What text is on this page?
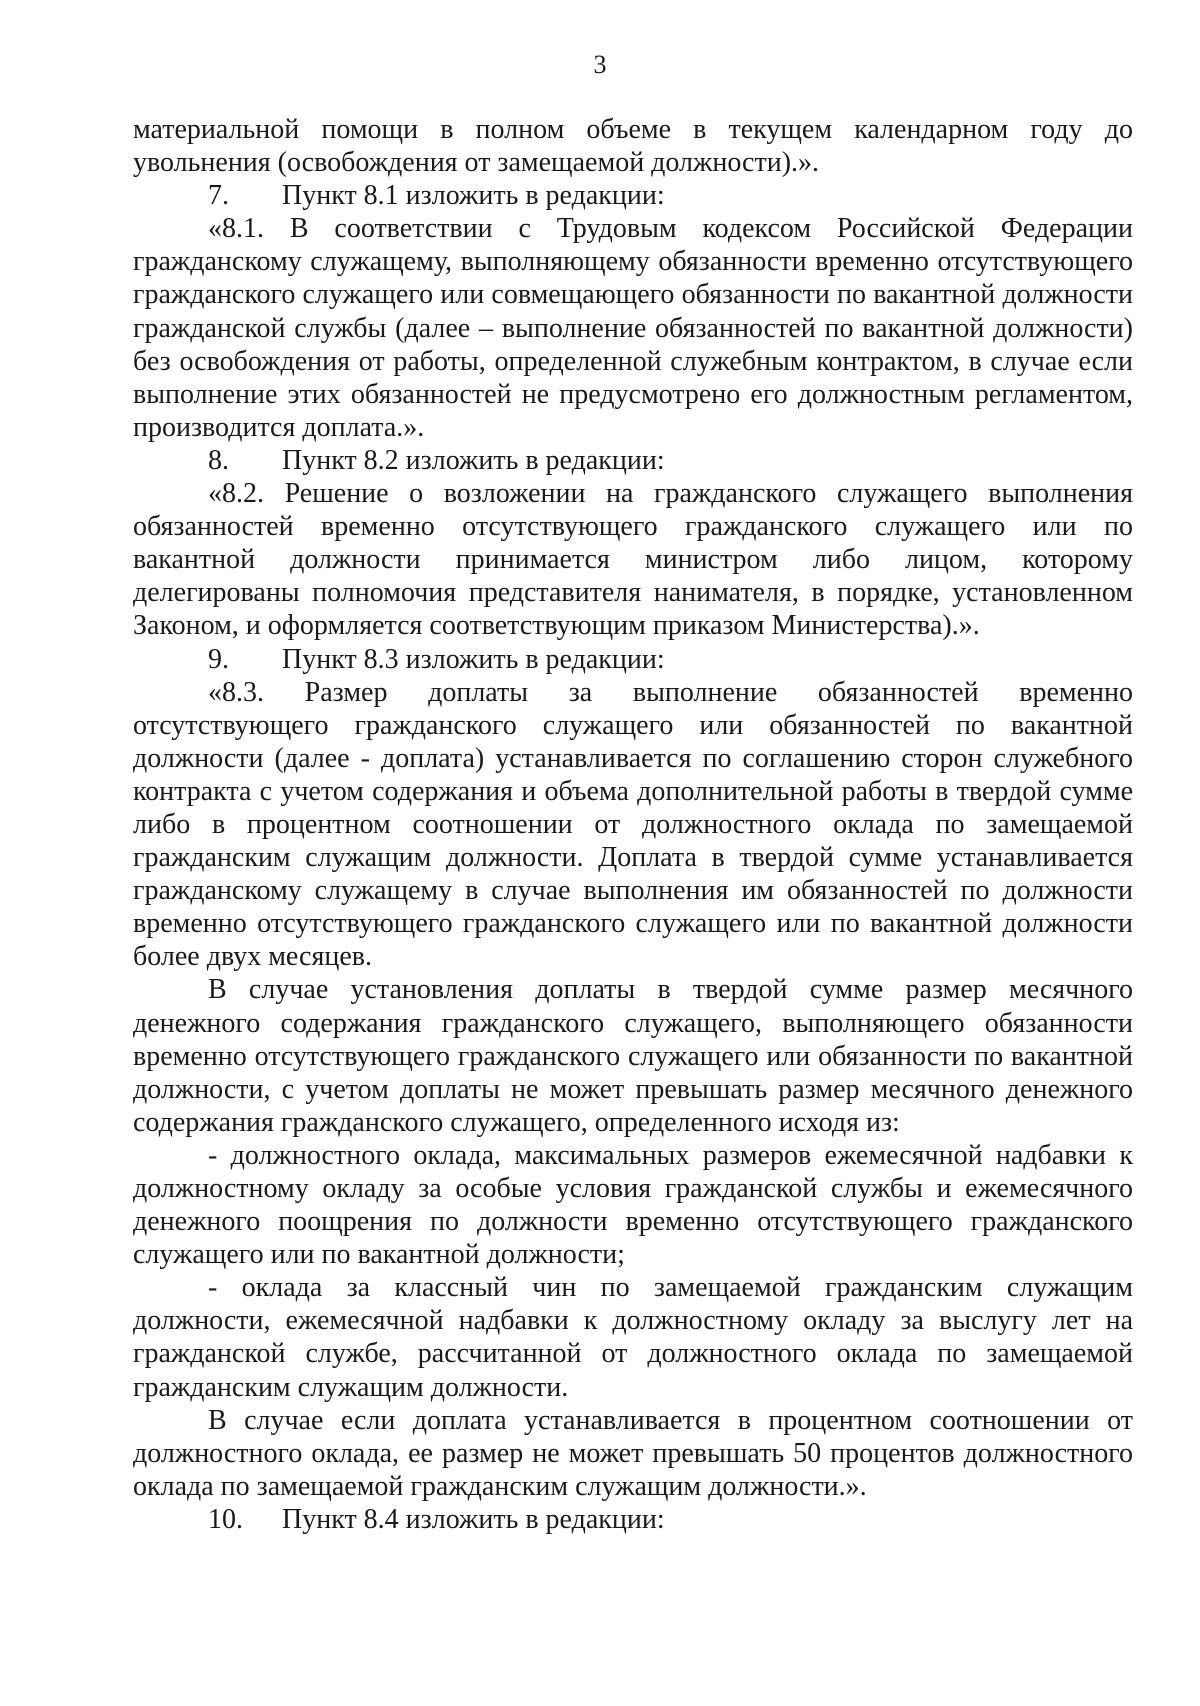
3

материальной помощи в полном объеме в текущем календарном году до увольнения (освобождения от замещаемой должности).».

7. Пункт 8.1 изложить в редакции:

«8.1. В соответствии с Трудовым кодексом Российской Федерации гражданскому служащему, выполняющему обязанности временно отсутствующего гражданского служащего или совмещающего обязанности по вакантной должности гражданской службы (далее – выполнение обязанностей по вакантной должности) без освобождения от работы, определенной служебным контрактом, в случае если выполнение этих обязанностей не предусмотрено его должностным регламентом, производится доплата.».

8. Пункт 8.2 изложить в редакции:

«8.2. Решение о возложении на гражданского служащего выполнения обязанностей временно отсутствующего гражданского служащего или по вакантной должности принимается министром либо лицом, которому делегированы полномочия представителя нанимателя, в порядке, установленном Законом, и оформляется соответствующим приказом Министерства).».

9. Пункт 8.3 изложить в редакции:

«8.3. Размер доплаты за выполнение обязанностей временно отсутствующего гражданского служащего или обязанностей по вакантной должности (далее - доплата) устанавливается по соглашению сторон служебного контракта с учетом содержания и объема дополнительной работы в твердой сумме либо в процентном соотношении от должностного оклада по замещаемой гражданским служащим должности. Доплата в твердой сумме устанавливается гражданскому служащему в случае выполнения им обязанностей по должности временно отсутствующего гражданского служащего или по вакантной должности более двух месяцев.

В случае установления доплаты в твердой сумме размер месячного денежного содержания гражданского служащего, выполняющего обязанности временно отсутствующего гражданского служащего или обязанности по вакантной должности, с учетом доплаты не может превышать размер месячного денежного содержания гражданского служащего, определенного исходя из:

- должностного оклада, максимальных размеров ежемесячной надбавки к должностному окладу за особые условия гражданской службы и ежемесячного денежного поощрения по должности временно отсутствующего гражданского служащего или по вакантной должности;

- оклада за классный чин по замещаемой гражданским служащим должности, ежемесячной надбавки к должностному окладу за выслугу лет на гражданской службе, рассчитанной от должностного оклада по замещаемой гражданским служащим должности.

В случае если доплата устанавливается в процентном соотношении от должностного оклада, ее размер не может превышать 50 процентов должностного оклада по замещаемой гражданским служащим должности.».

10. Пункт 8.4 изложить в редакции:
